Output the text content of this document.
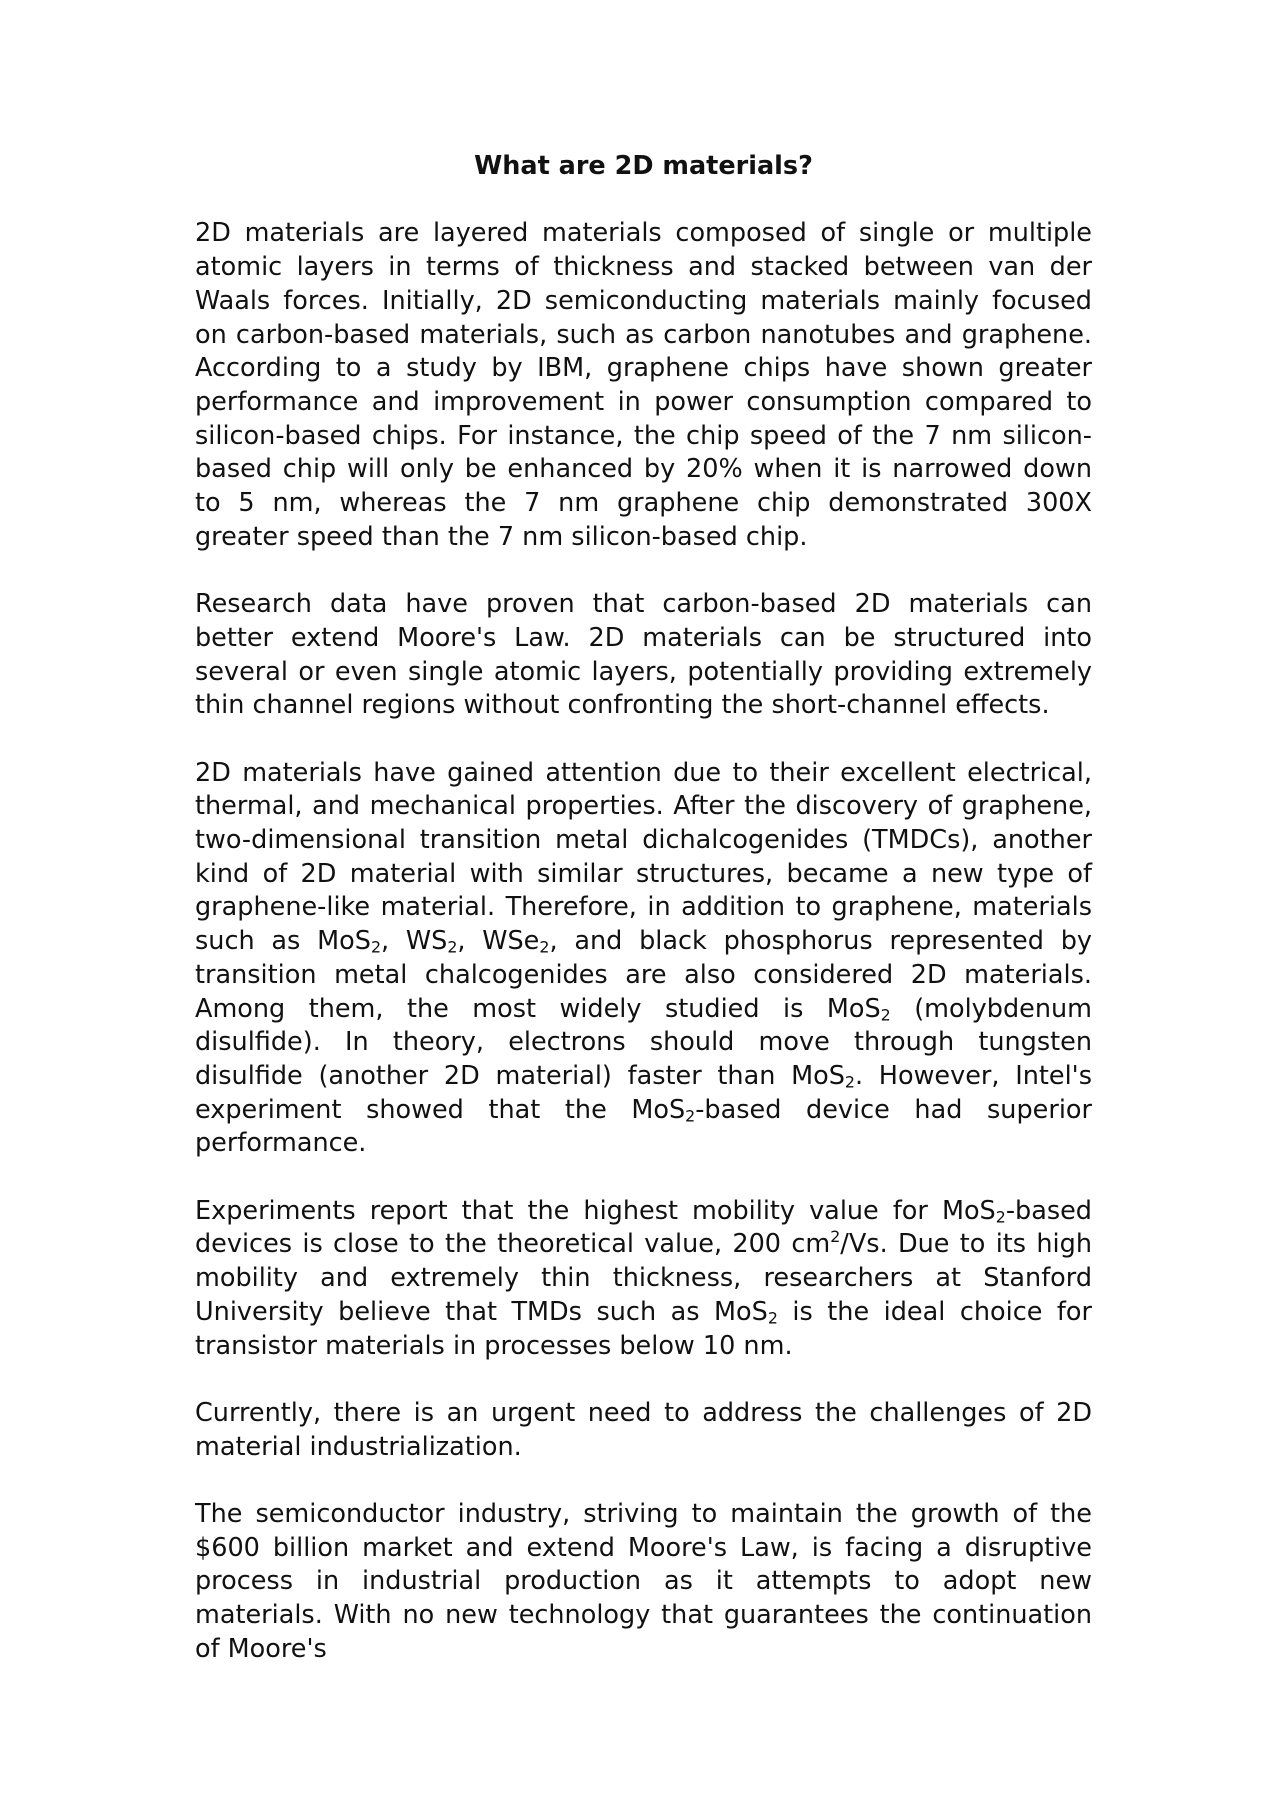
What are 2D materials?

2D materials are layered materials composed of single or multiple atomic layers in terms of thickness and stacked between van der Waals forces. Initially, 2D semiconducting materials mainly focused on carbon-based materials, such as carbon nanotubes and graphene. According to a study by IBM, graphene chips have shown greater performance and improvement in power consumption compared to silicon-based chips. For instance, the chip speed of the 7 nm silicon-based chip will only be enhanced by 20% when it is narrowed down to 5 nm, whereas the 7 nm graphene chip demonstrated 300X greater speed than the 7 nm silicon-based chip.

Research data have proven that carbon-based 2D materials can better extend Moore's Law. 2D materials can be structured into several or even single atomic layers, potentially providing extremely thin channel regions without confronting the short-channel effects.

2D materials have gained attention due to their excellent electrical, thermal, and mechanical properties. After the discovery of graphene, two-dimensional transition metal dichalcogenides (TMDCs), another kind of 2D material with similar structures, became a new type of graphene-like material. Therefore, in addition to graphene, materials such as MoS$_2$, $WS_2$, WSe$_2$, and black phosphorus represented by transition metal chalcogenides are also considered 2D materials. Among them, the most widely studied is MoS$_2$ (molybdenum disulfide). In theory, electrons should move through tungsten disulfide (another 2D material) faster than MoS$_2$. However, Intel's experiment showed that the MoS$_2$-based device had superior performance.

Experiments report that the highest mobility value for MoS$_2$-based devices is close to the theoretical value, 200 $cm^2/Vs$. Due to its high mobility and extremely thin thickness, researchers at Stanford University believe that TMDs such as MoS$_2$ is the ideal choice for transistor materials in processes below 10 nm.

Currently, there is an urgent need to address the challenges of 2D material industrialization.

The semiconductor industry, striving to maintain the growth of the $600 billion market and extend Moore's Law, is facing a disruptive process in industrial production as it attempts to adopt new materials. With no new technology that guarantees the continuation of Moore's
